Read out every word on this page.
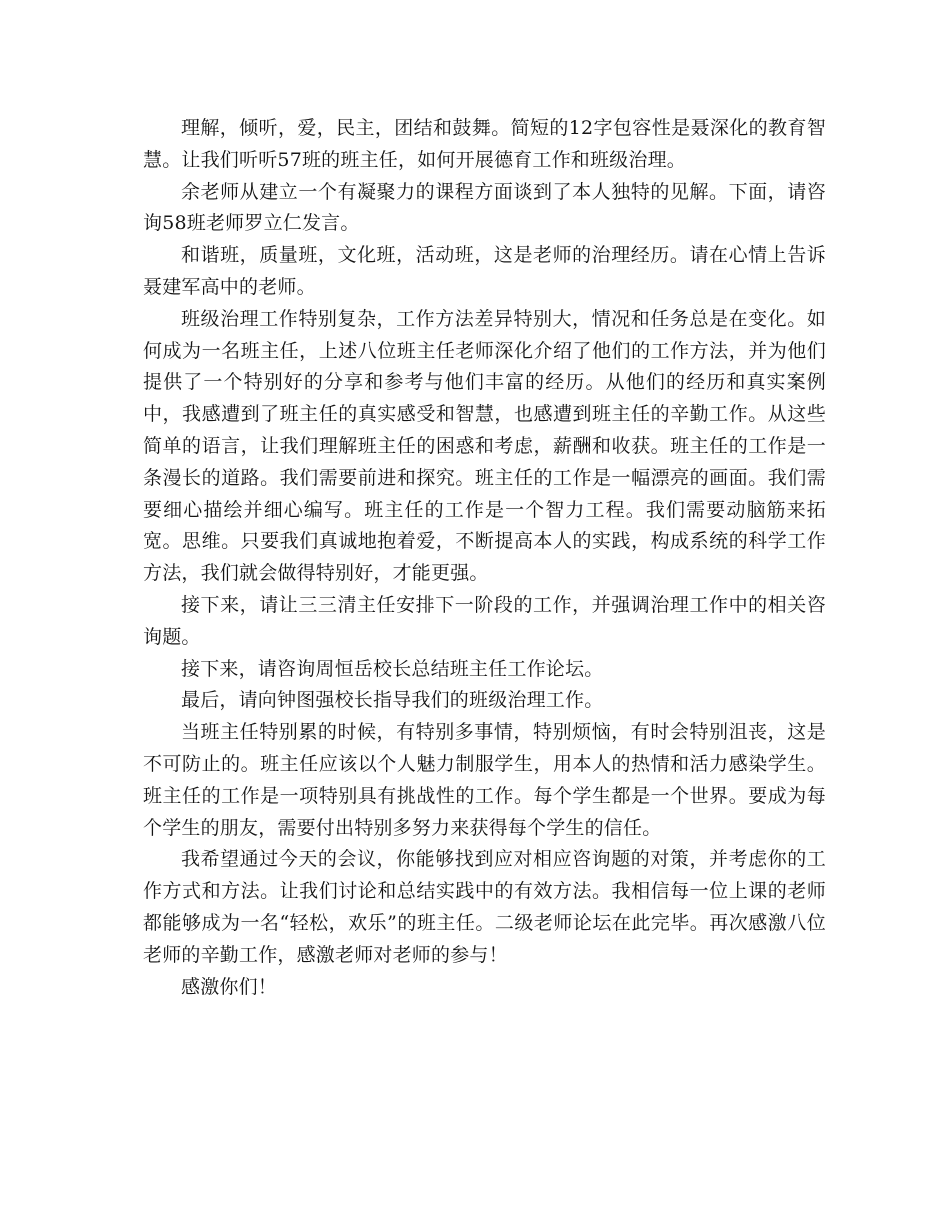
理解，倾听，爱，民主，团结和鼓舞。简短的12字包容性是聂深化的教育智慧。让我们听听57班的班主任，如何开展德育工作和班级治理。

余老师从建立一个有凝聚力的课程方面谈到了本人独特的见解。下面，请咨询58班老师罗立仁发言。

和谐班，质量班，文化班，活动班，这是老师的治理经历。请在心情上告诉聂建军高中的老师。

班级治理工作特别复杂，工作方法差异特别大，情况和任务总是在变化。如何成为一名班主任，上述八位班主任老师深化介绍了他们的工作方法，并为他们提供了一个特别好的分享和参考与他们丰富的经历。从他们的经历和真实案例中，我感遭到了班主任的真实感受和智慧，也感遭到班主任的辛勤工作。从这些简单的语言，让我们理解班主任的困惑和考虑，薪酬和收获。班主任的工作是一条漫长的道路。我们需要前进和探究。班主任的工作是一幅漂亮的画面。我们需要细心描绘并细心编写。班主任的工作是一个智力工程。我们需要动脑筋来拓宽。思维。只要我们真诚地抱着爱，不断提高本人的实践，构成系统的科学工作方法，我们就会做得特别好，才能更强。

接下来，请让三三清主任安排下一阶段的工作，并强调治理工作中的相关咨询题。

接下来，请咨询周恒岳校长总结班主任工作论坛。

最后，请向钟图强校长指导我们的班级治理工作。

当班主任特别累的时候，有特别多事情，特别烦恼，有时会特别沮丧，这是不可防止的。班主任应该以个人魅力制服学生，用本人的热情和活力感染学生。班主任的工作是一项特别具有挑战性的工作。每个学生都是一个世界。要成为每个学生的朋友，需要付出特别多努力来获得每个学生的信任。

我希望通过今天的会议，你能够找到应对相应咨询题的对策，并考虑你的工作方式和方法。让我们讨论和总结实践中的有效方法。我相信每一位上课的老师都能够成为一名“轻松，欢乐”的班主任。二级老师论坛在此完毕。再次感激八位老师的辛勤工作，感激老师对老师的参与！

感激你们！
